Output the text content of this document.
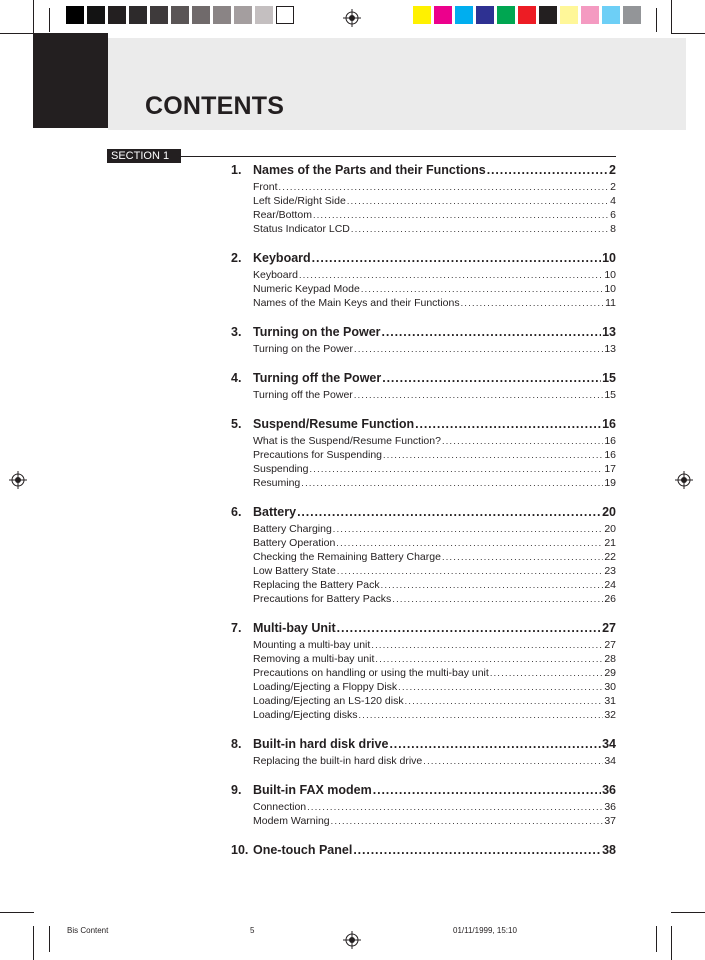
CONTENTS
SECTION 1
1. Names of the Parts and their Functions . . .	2
Front . . .	2
Left Side/Right Side . . .	4
Rear/Bottom . . .	6
Status Indicator LCD . . .	8
2. Keyboard . . .	10
Keyboard . . .	10
Numeric Keypad Mode . . .	10
Names of the Main Keys and their Functions . . .	11
3. Turning on the Power . . .	13
Turning on the Power . . .	13
4. Turning off the Power . . .	15
Turning off the Power . . .	15
5. Suspend/Resume Function . . .	16
What is the Suspend/Resume Function? . . .	16
Precautions for Suspending . . .	16
Suspending . . .	17
Resuming . . .	19
6. Battery . . .	20
Battery Charging . . .	20
Battery Operation . . .	21
Checking the Remaining Battery Charge . . .	22
Low Battery State . . .	23
Replacing the Battery Pack . . .	24
Precautions for Battery Packs . . .	26
7. Multi-bay Unit . . .	27
Mounting a multi-bay unit . . .	27
Removing a multi-bay unit . . .	28
Precautions on handling or using the multi-bay unit . . .	29
Loading/Ejecting a Floppy Disk . . .	30
Loading/Ejecting an LS-120 disk . . .	31
Loading/Ejecting disks . . .	32
8. Built-in hard disk drive . . .	34
Replacing the built-in hard disk drive . . .	34
9. Built-in FAX modem . . .	36
Connection . . .	36
Modem Warning . . .	37
10. One-touch Panel . . .	38
Bis Content	5	01/11/1999, 15:10
